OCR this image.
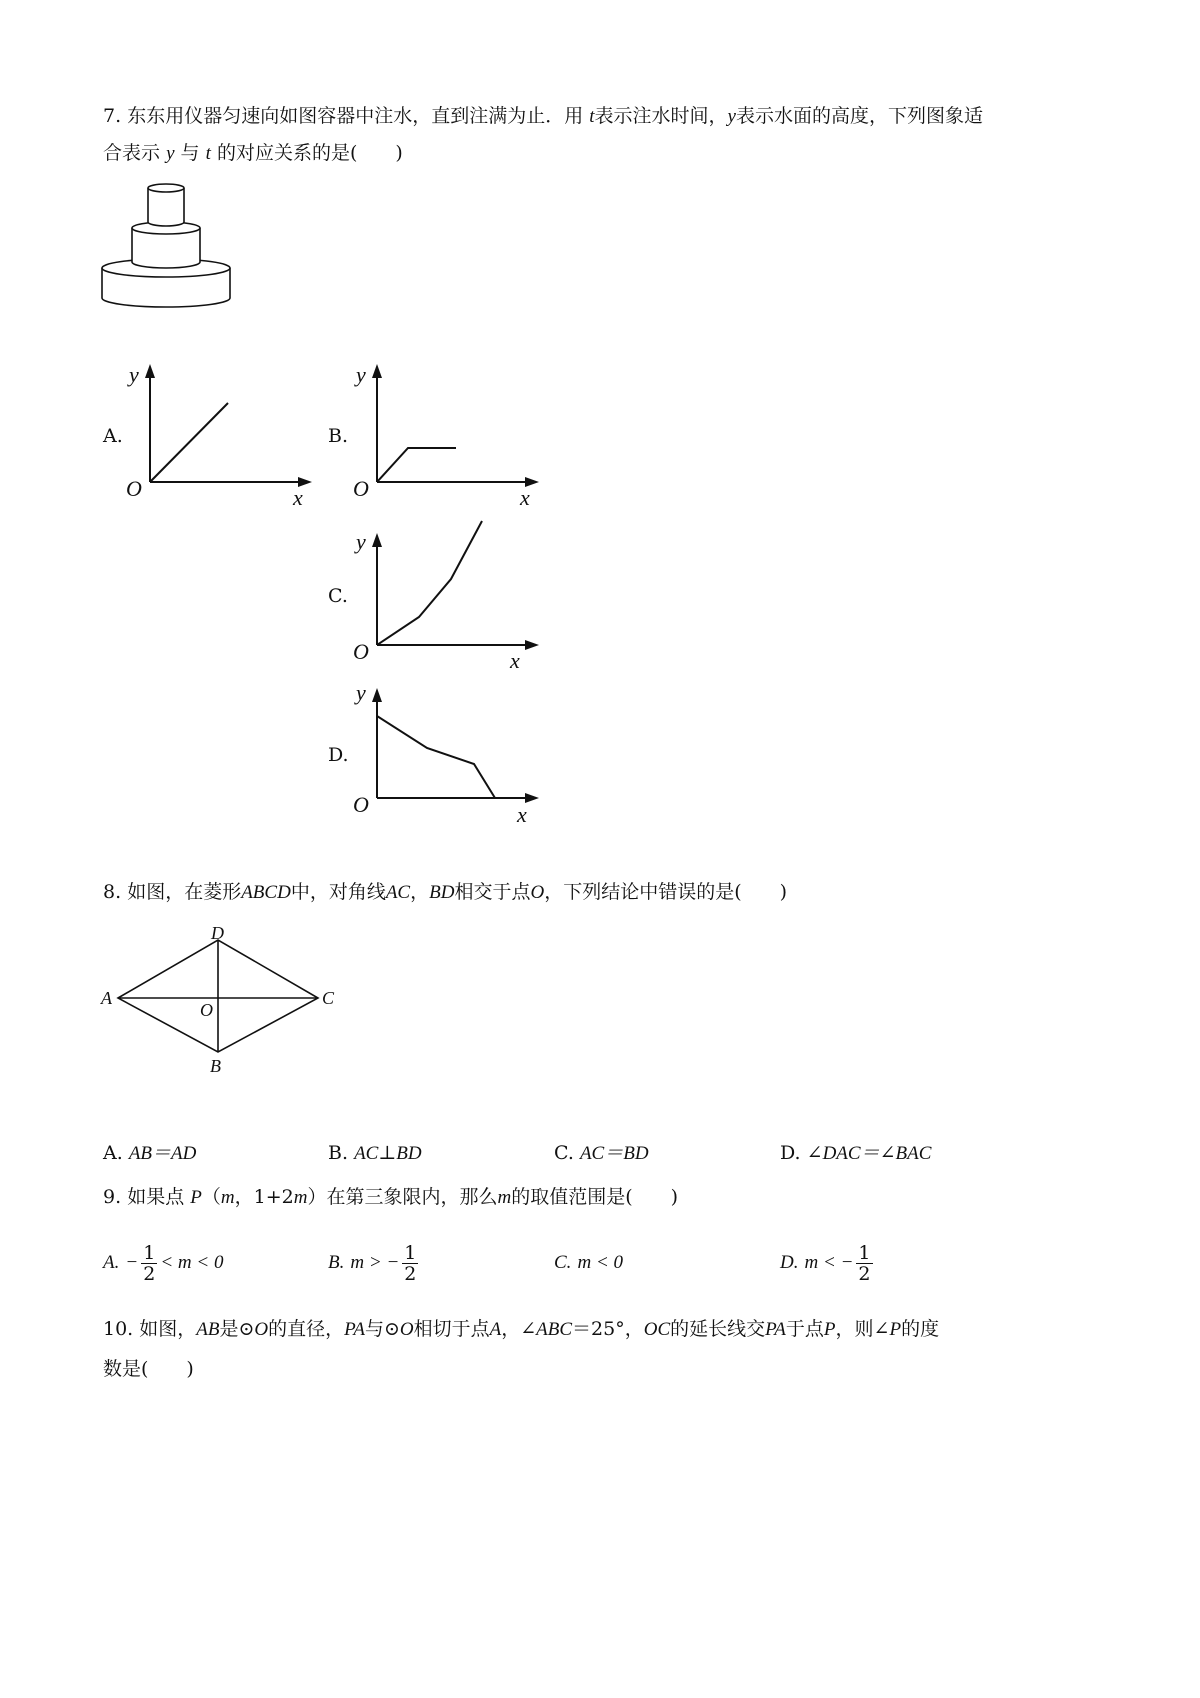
7. 东东用仪器匀速向如图容器中注水，直到注满为止．用 t表示注水时间，y表示水面的高度，下列图象适
合表示 y 与 t 的对应关系的是(　　)
A.
y
O	x
B.
y
O	x
C.
y
O	x
D.
y
O	x
8. 如图，在菱形ABCD中，对角线AC，BD相交于点O，下列结论中错误的是(　　)
D
A	C
O
B
A. AB＝AD	B. AC⊥BD	C. AC＝BD	D. ∠DAC＝∠BAC
9. 如果点 P（m，1+2m）在第三象限内，那么m的取值范围是(　　)
A. − $\frac{1}{2} < m < 0$	B. m > − $\frac{1}{2}$	C. m < 0	D. m < − $\frac{1}{2}$
10. 如图，AB是⊙O的直径，PA与⊙O相切于点A，∠ABC＝25°，OC的延长线交PA于点P，则∠P的度
数是(　　)
